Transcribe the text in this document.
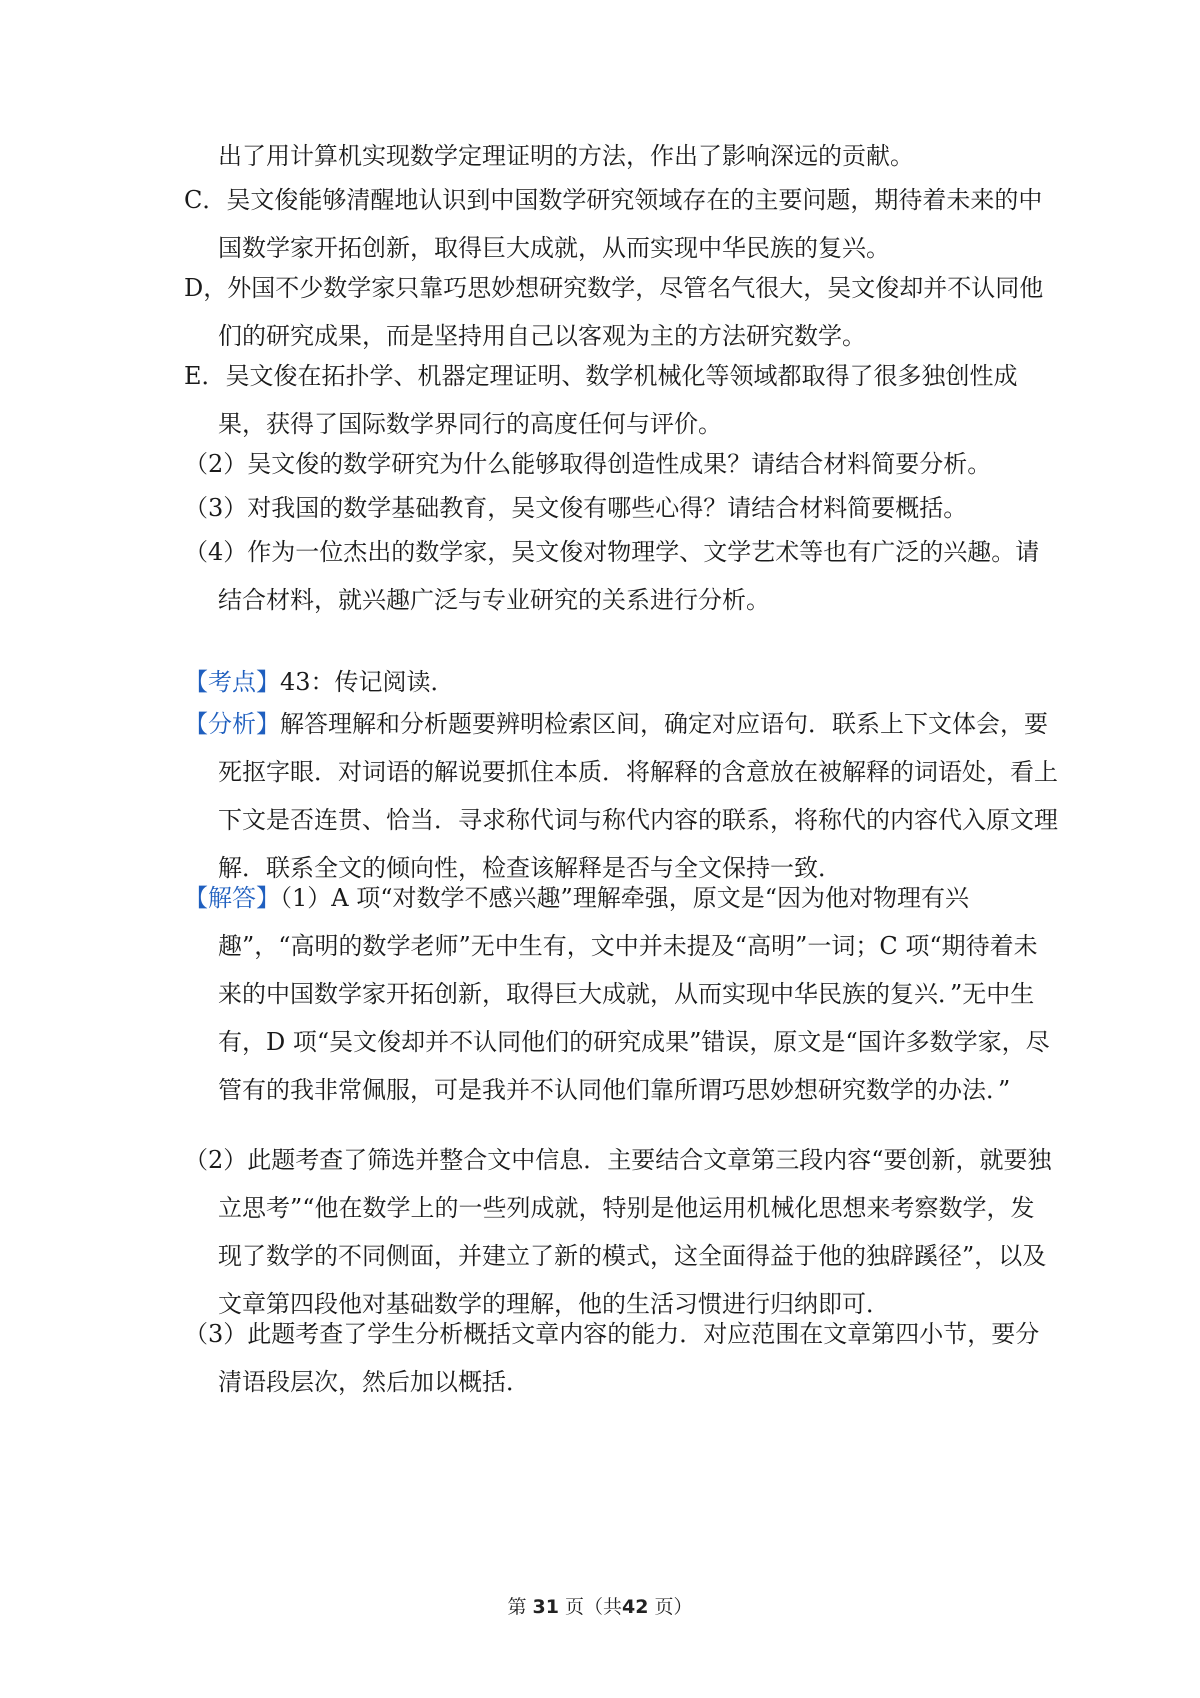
出了用计算机实现数学定理证明的方法，作出了影响深远的贡献。

C．吴文俊能够清醒地认识到中国数学研究领域存在的主要问题，期待着未来的中国数学家开拓创新，取得巨大成就，从而实现中华民族的复兴。

D，外国不少数学家只靠巧思妙想研究数学，尽管名气很大，吴文俊却并不认同他们的研究成果，而是坚持用自己以客观为主的方法研究数学。

E．吴文俊在拓扑学、机器定理证明、数学机械化等领域都取得了很多独创性成果，获得了国际数学界同行的高度任何与评价。

（2）吴文俊的数学研究为什么能够取得创造性成果？请结合材料简要分析。

（3）对我国的数学基础教育，吴文俊有哪些心得？请结合材料简要概括。

（4）作为一位杰出的数学家，吴文俊对物理学、文学艺术等也有广泛的兴趣。请结合材料，就兴趣广泛与专业研究的关系进行分析。

【考点】43：传记阅读．

【分析】解答理解和分析题要辨明检索区间，确定对应语句．联系上下文体会，要死抠字眼．对词语的解说要抓住本质．将解释的含意放在被解释的词语处，看上下文是否连贯、恰当．寻求称代词与称代内容的联系，将称代的内容代入原文理解．联系全文的倾向性，检查该解释是否与全文保持一致．

【解答】（1）A 项“对数学不感兴趣”理解牵强，原文是“因为他对物理有兴趣”，“高明的数学老师”无中生有，文中并未提及“高明”一词；C 项“期待着未来的中国数学家开拓创新，取得巨大成就，从而实现中华民族的复兴．”无中生有，D 项“吴文俊却并不认同他们的研究成果”错误，原文是“国许多数学家，尽管有的我非常佩服，可是我并不认同他们靠所谓巧思妙想研究数学的办法．”

（2）此题考查了筛选并整合文中信息．主要结合文章第三段内容“要创新，就要独立思考”“他在数学上的一些列成就，特别是他运用机械化思想来考察数学，发现了数学的不同侧面，并建立了新的模式，这全面得益于他的独辟蹊径”，以及文章第四段他对基础数学的理解，他的生活习惯进行归纳即可．

（3）此题考查了学生分析概括文章内容的能力．对应范围在文章第四小节，要分清语段层次，然后加以概括．

第 31 页（共42 页）
